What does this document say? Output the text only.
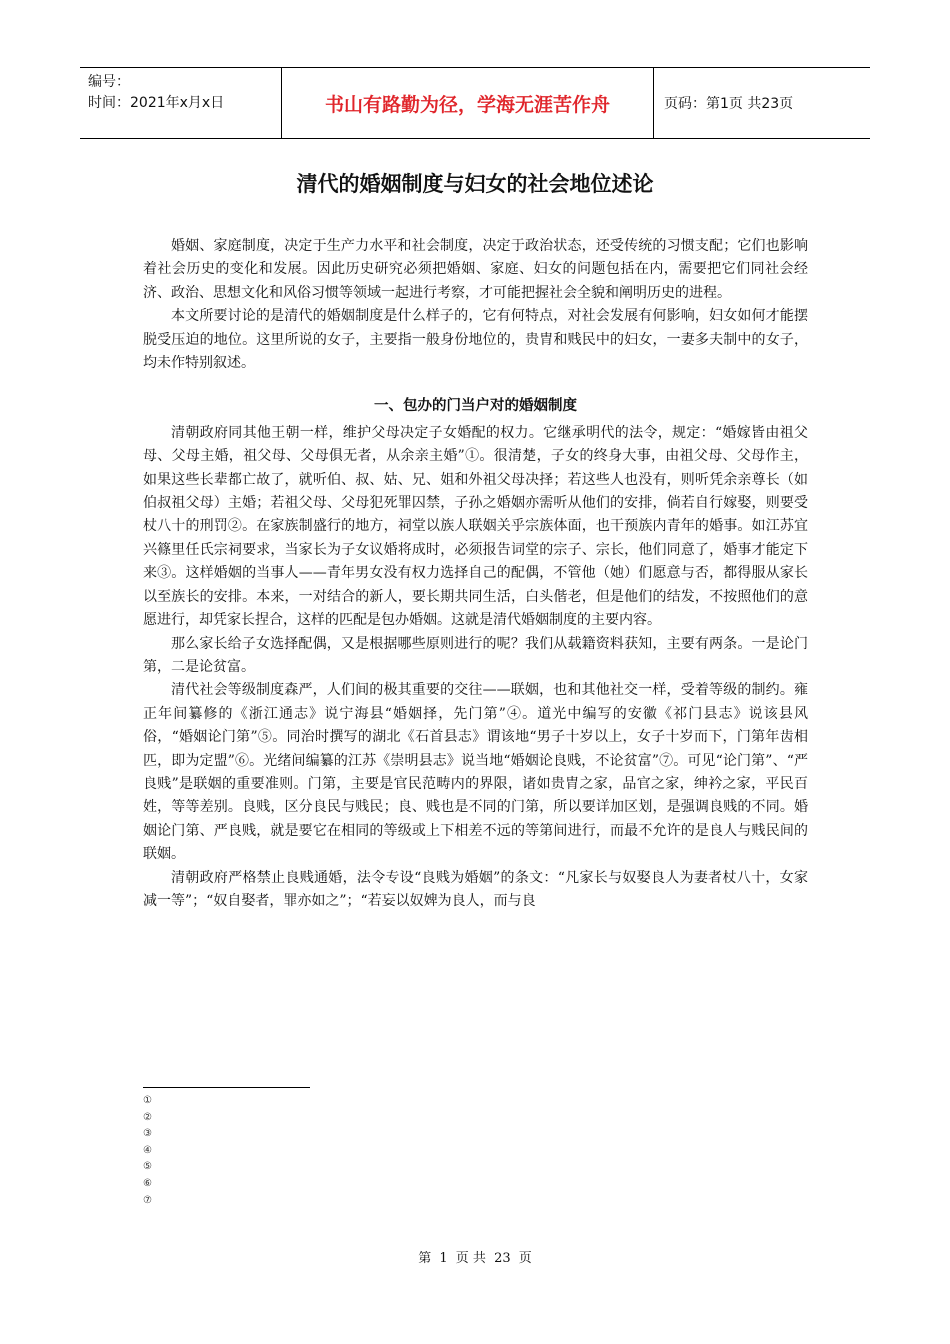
编号：
时间：2021年x月x日	书山有路勤为径，学海无涯苦作舟	页码：第1页 共23页
清代的婚姻制度与妇女的社会地位述论

婚姻、家庭制度，决定于生产力水平和社会制度，决定于政治状态，还受传统的习惯支配；它们也影响着社会历史的变化和发展。因此历史研究必须把婚姻、家庭、妇女的问题包括在内，需要把它们同社会经济、政治、思想文化和风俗习惯等领域一起进行考察，才可能把握社会全貌和阐明历史的进程。

本文所要讨论的是清代的婚姻制度是什么样子的，它有何特点，对社会发展有何影响，妇女如何才能摆脱受压迫的地位。这里所说的女子，主要指一般身份地位的，贵胄和贱民中的妇女，一妻多夫制中的女子，均未作特别叙述。

一、包办的门当户对的婚姻制度

清朝政府同其他王朝一样，维护父母决定子女婚配的权力。它继承明代的法令，规定：“婚嫁皆由祖父母、父母主婚，祖父母、父母俱无者，从余亲主婚”①。很清楚，子女的终身大事，由祖父母、父母作主，如果这些长辈都亡故了，就听伯、叔、姑、兄、姐和外祖父母决择；若这些人也没有，则听凭余亲尊长（如伯叔祖父母）主婚；若祖父母、父母犯死罪囚禁，子孙之婚姻亦需听从他们的安排，倘若自行嫁娶，则要受杖八十的刑罚②。在家族制盛行的地方，祠堂以族人联姻关乎宗族体面，也干预族内青年的婚事。如江苏宜兴篠里任氏宗祠要求，当家长为子女议婚将成时，必须报告词堂的宗子、宗长，他们同意了，婚事才能定下来③。这样婚姻的当事人——青年男女没有权力选择自己的配偶，不管他（她）们愿意与否，都得服从家长以至族长的安排。本来，一对结合的新人，要长期共同生活，白头偕老，但是他们的结发，不按照他们的意愿进行，却凭家长捏合，这样的匹配是包办婚姻。这就是清代婚姻制度的主要内容。

那么家长给子女选择配偶，又是根据哪些原则进行的呢？我们从载籍资料获知，主要有两条。一是论门第，二是论贫富。

清代社会等级制度森严，人们间的极其重要的交往——联姻，也和其他社交一样，受着等级的制约。雍正年间纂修的《浙江通志》说宁海县“婚姻择，先门第”④。道光中编写的安徽《祁门县志》说该县风俗，“婚姻论门第”⑤。同治时撰写的湖北《石首县志》谓该地“男子十岁以上，女子十岁而下，门第年齿相匹，即为定盟”⑥。光绪间编纂的江苏《崇明县志》说当地“婚姻论良贱，不论贫富”⑦。可见“论门第”、“严良贱”是联姻的重要准则。门第，主要是官民范畴内的界限，诸如贵胄之家，品官之家，绅衿之家，平民百姓，等等差别。良贱，区分良民与贱民；良、贱也是不同的门第，所以要详加区划，是强调良贱的不同。婚姻论门第、严良贱，就是要它在相同的等级或上下相差不远的等第间进行，而最不允许的是良人与贱民间的联姻。

清朝政府严格禁止良贱通婚，法令专设“良贱为婚姻”的条文：“凡家长与奴娶良人为妻者杖八十，女家减一等”；“奴自娶者，罪亦如之”；“若妄以奴婢为良人，而与良

①
②
③
④
⑤
⑥
⑦
第 1 页 共 23 页
